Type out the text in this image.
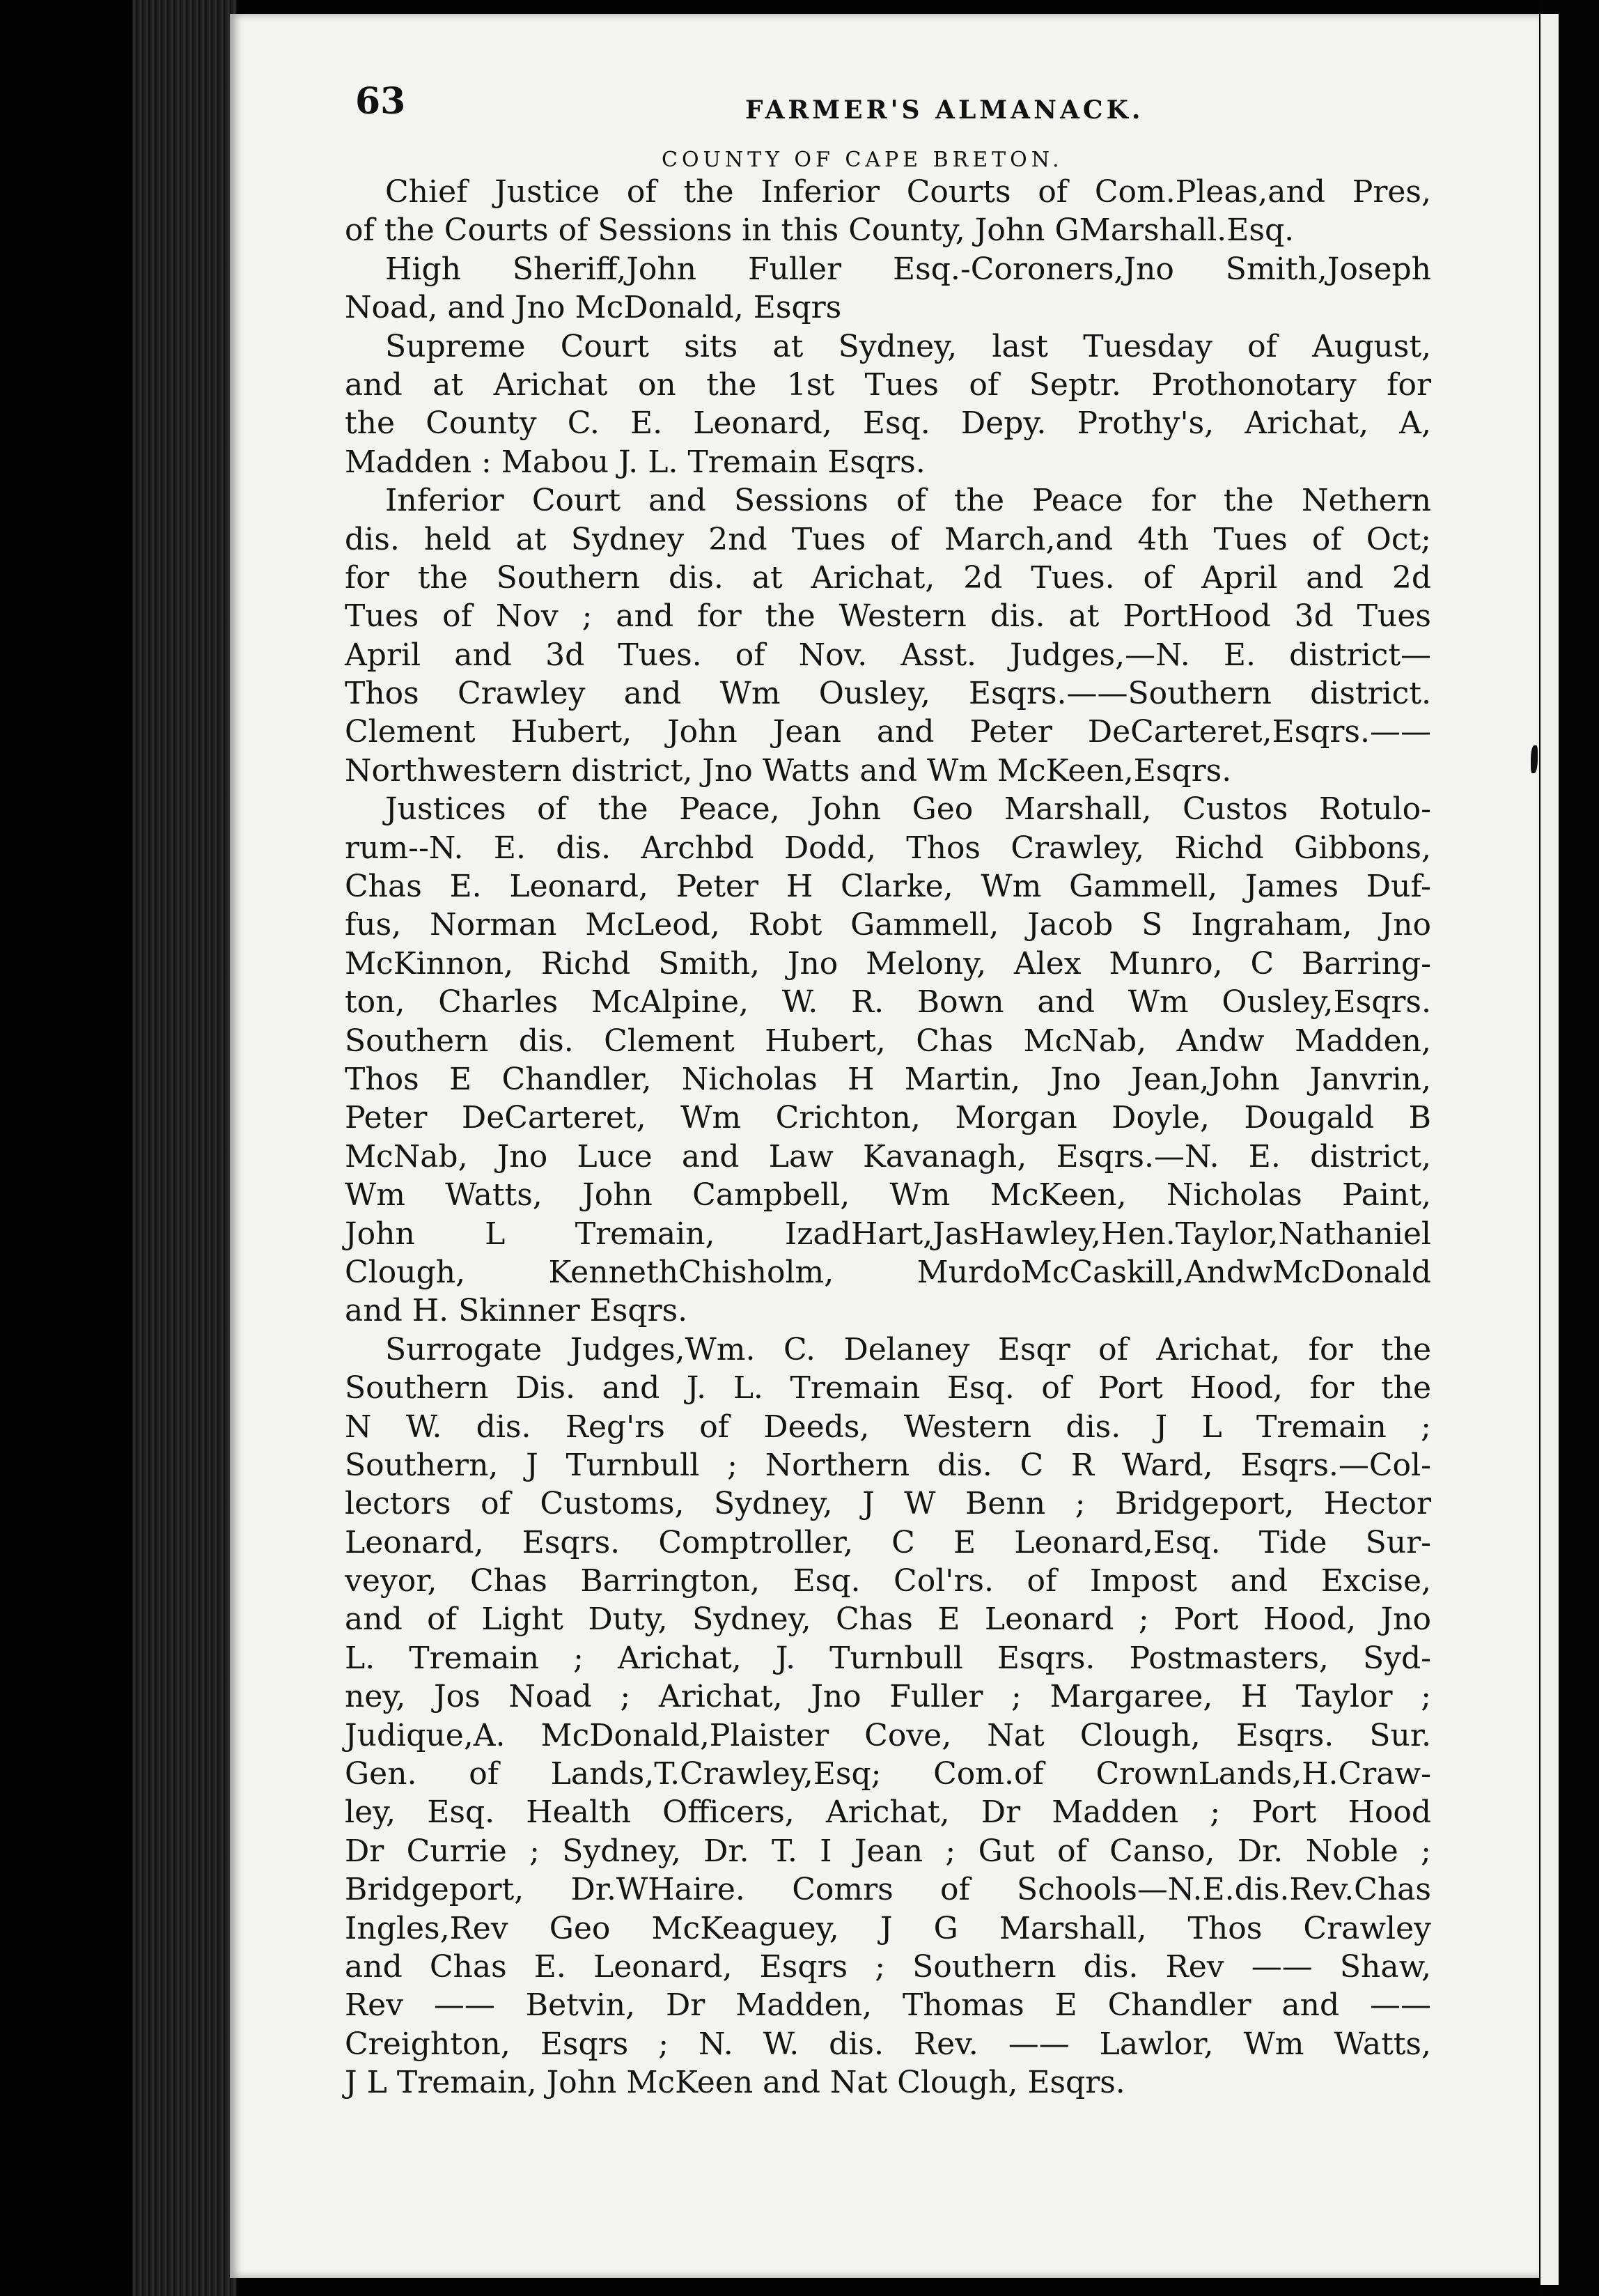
63	FARMER'S ALMANACK.
COUNTY OF CAPE BRETON.
Chief Justice of the Inferior Courts of Com.Pleas,and Pres,
of the Courts of Sessions in this County, John GMarshall.Esq.
High Sheriff,John Fuller Esq.-Coroners,Jno Smith,Joseph
Noad, and Jno McDonald, Esqrs
Supreme Court sits at Sydney, last Tuesday of August,
and at Arichat on the 1st Tues of Septr. Prothonotary for
the County C. E. Leonard, Esq. Depy. Prothy's, Arichat, A,
Madden : Mabou J. L. Tremain Esqrs.
Inferior Court and Sessions of the Peace for the Nethern
dis. held at Sydney 2nd Tues of March,and 4th Tues of Oct;
for the Southern dis. at Arichat, 2d Tues. of April and 2d
Tues of Nov ; and for the Western dis. at PortHood 3d Tues
April and 3d Tues. of Nov. Asst. Judges,—N. E. district—
Thos Crawley and Wm Ousley, Esqrs.——Southern district.
Clement Hubert, John Jean and Peter DeCarteret,Esqrs.——
Northwestern district, Jno Watts and Wm McKeen,Esqrs.
Justices of the Peace, John Geo Marshall, Custos Rotulo-
rum--N. E. dis. Archbd Dodd, Thos Crawley, Richd Gibbons,
Chas E. Leonard, Peter H Clarke, Wm Gammell, James Duf-
fus, Norman McLeod, Robt Gammell, Jacob S Ingraham, Jno
McKinnon, Richd Smith, Jno Melony, Alex Munro, C Barring-
ton, Charles McAlpine, W. R. Bown and Wm Ousley,Esqrs.
Southern dis. Clement Hubert, Chas McNab, Andw Madden,
Thos E Chandler, Nicholas H Martin, Jno Jean,John Janvrin,
Peter DeCarteret, Wm Crichton, Morgan Doyle, Dougald B
McNab, Jno Luce and Law Kavanagh, Esqrs.—N. E. district,
Wm Watts, John Campbell, Wm McKeen, Nicholas Paint,
John L Tremain, IzadHart,JasHawley,Hen.Taylor,Nathaniel
Clough, KennethChisholm, MurdoMcCaskill,AndwMcDonald
and H. Skinner Esqrs.
Surrogate Judges,Wm. C. Delaney Esqr of Arichat, for the
Southern Dis. and J. L. Tremain Esq. of Port Hood, for the
N W. dis. Reg'rs of Deeds, Western dis. J L Tremain ;
Southern, J Turnbull ; Northern dis. C R Ward, Esqrs.—Col-
lectors of Customs, Sydney, J W Benn ; Bridgeport, Hector
Leonard, Esqrs. Comptroller, C E Leonard,Esq. Tide Sur-
veyor, Chas Barrington, Esq. Col'rs. of Impost and Excise,
and of Light Duty, Sydney, Chas E Leonard ; Port Hood, Jno
L. Tremain ; Arichat, J. Turnbull Esqrs. Postmasters, Syd-
ney, Jos Noad ; Arichat, Jno Fuller ; Margaree, H Taylor ;
Judique,A. McDonald,Plaister Cove, Nat Clough, Esqrs. Sur.
Gen. of Lands,T.Crawley,Esq; Com.of CrownLands,H.Craw-
ley, Esq. Health Officers, Arichat, Dr Madden ; Port Hood
Dr Currie ; Sydney, Dr. T. I Jean ; Gut of Canso, Dr. Noble ;
Bridgeport, Dr.WHaire. Comrs of Schools—N.E.dis.Rev.Chas
Ingles,Rev Geo McKeaguey, J G Marshall, Thos Crawley
and Chas E. Leonard, Esqrs ; Southern dis. Rev —— Shaw,
Rev —— Betvin, Dr Madden, Thomas E Chandler and ——
Creighton, Esqrs ; N. W. dis. Rev. —— Lawlor, Wm Watts,
J L Tremain, John McKeen and Nat Clough, Esqrs.
